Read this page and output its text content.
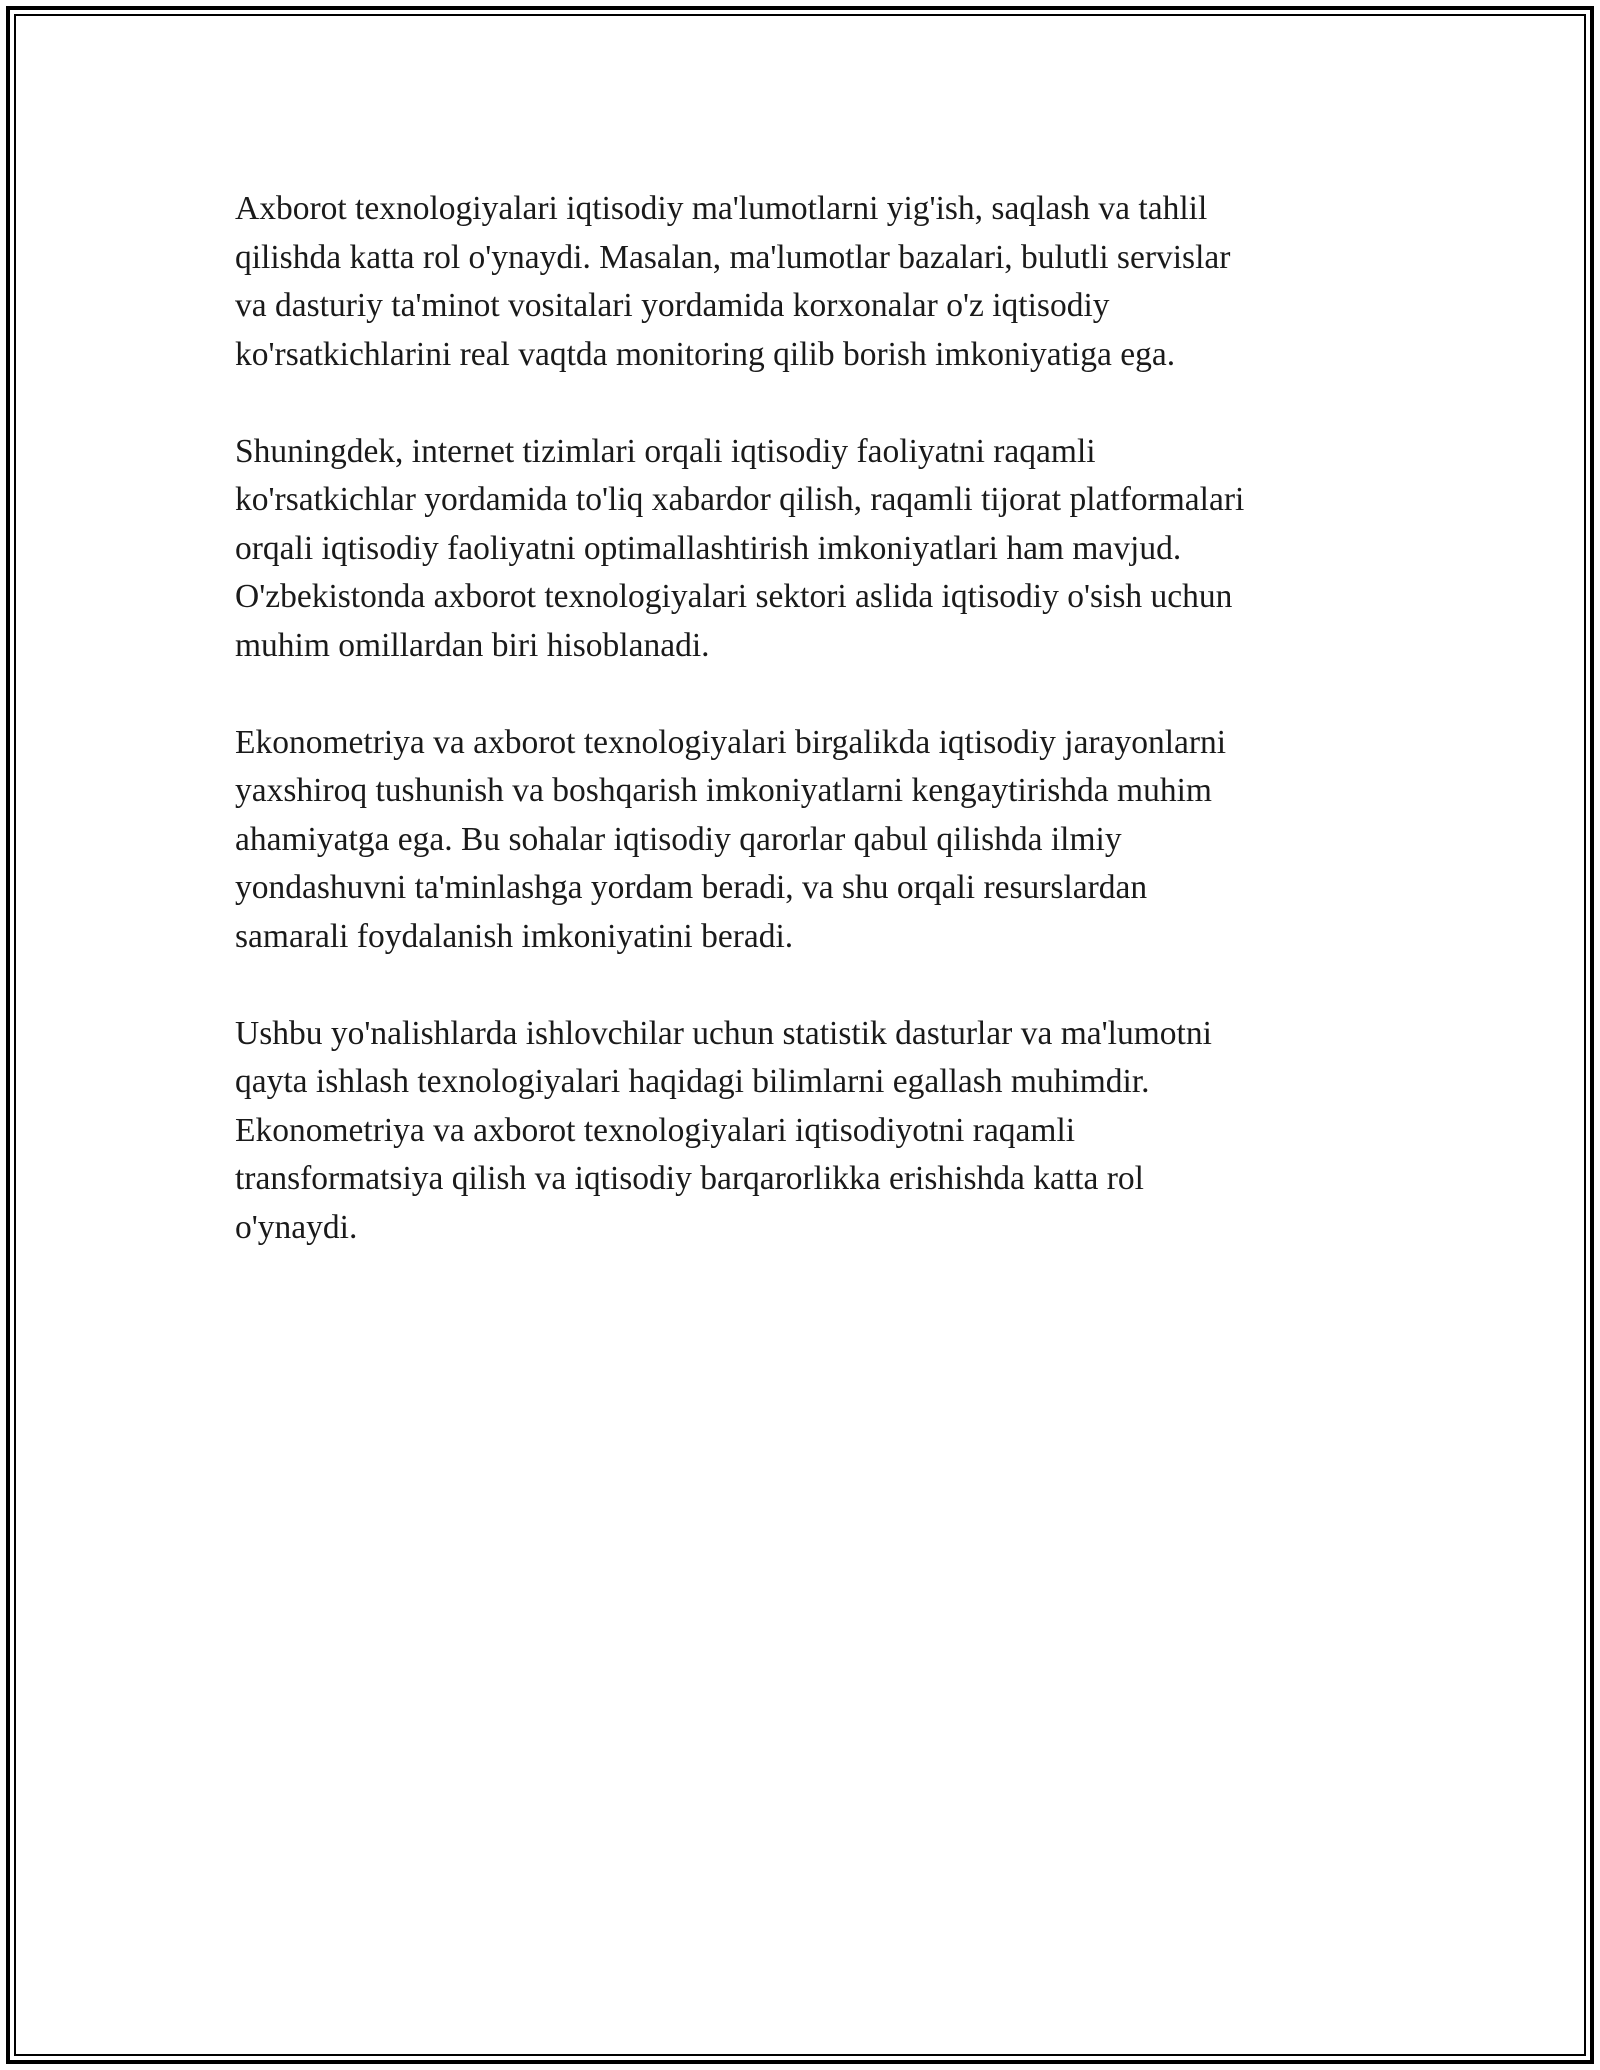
Axborot texnologiyalari iqtisodiy ma'lumotlarni yig'ish, saqlash va tahlil
qilishda katta rol o'ynaydi. Masalan, ma'lumotlar bazalari, bulutli servislar
va dasturiy ta'minot vositalari yordamida korxonalar o'z iqtisodiy
ko'rsatkichlarini real vaqtda monitoring qilib borish imkoniyatiga ega.

Shuningdek, internet tizimlari orqali iqtisodiy faoliyatni raqamli
ko'rsatkichlar yordamida to'liq xabardor qilish, raqamli tijorat platformalari
orqali iqtisodiy faoliyatni optimallashtirish imkoniyatlari ham mavjud.
O'zbekistonda axborot texnologiyalari sektori aslida iqtisodiy o'sish uchun
muhim omillardan biri hisoblanadi.

Ekonometriya va axborot texnologiyalari birgalikda iqtisodiy jarayonlarni
yaxshiroq tushunish va boshqarish imkoniyatlarni kengaytirishda muhim
ahamiyatga ega. Bu sohalar iqtisodiy qarorlar qabul qilishda ilmiy
yondashuvni ta'minlashga yordam beradi, va shu orqali resurslardan
samarali foydalanish imkoniyatini beradi.

Ushbu yo'nalishlarda ishlovchilar uchun statistik dasturlar va ma'lumotni
qayta ishlash texnologiyalari haqidagi bilimlarni egallash muhimdir.
Ekonometriya va axborot texnologiyalari iqtisodiyotni raqamli
transformatsiya qilish va iqtisodiy barqarorlikka erishishda katta rol
o'ynaydi.
